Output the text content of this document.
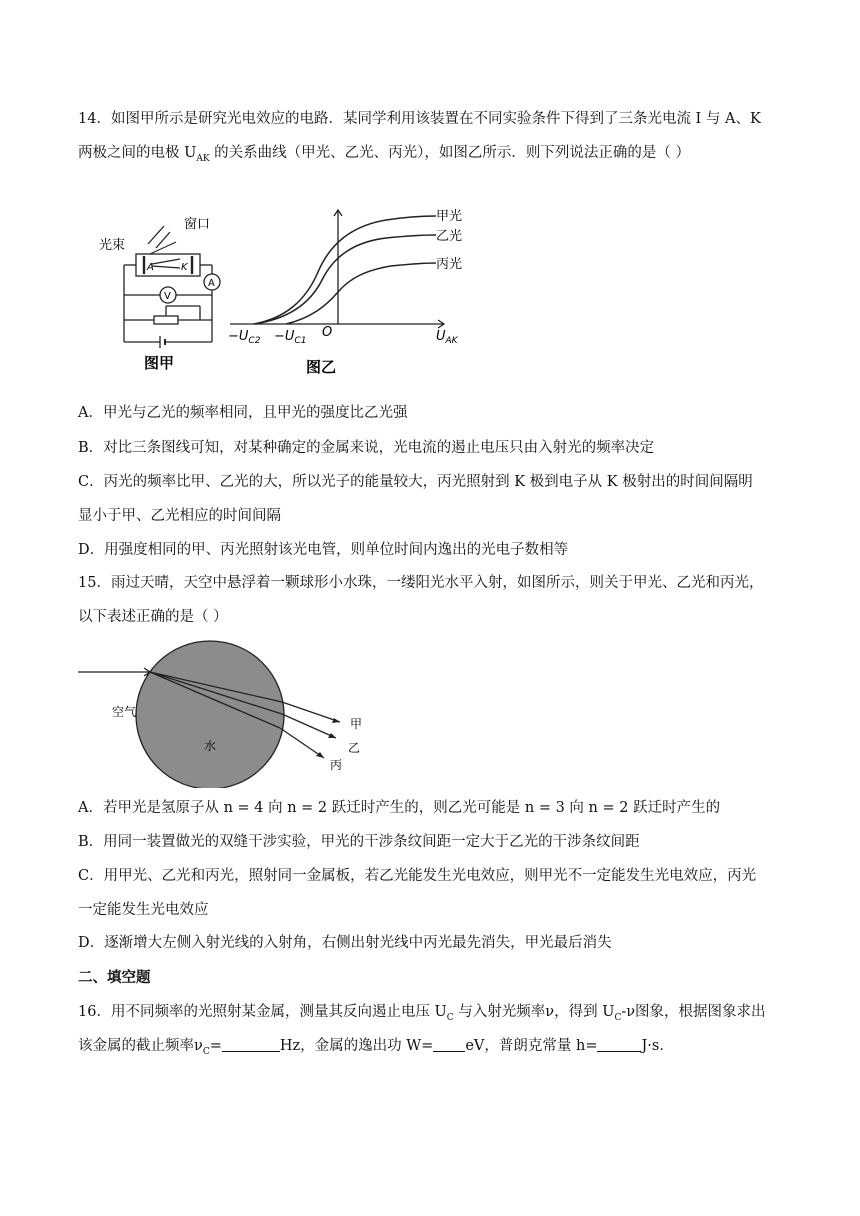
14．如图甲所示是研究光电效应的电路．某同学利用该装置在不同实验条件下得到了三条光电流 I 与 A、K
两极之间的电极 $U_{AK}$ 的关系曲线（甲光、乙光、丙光），如图乙所示．则下列说法正确的是（ ）
光束
窗口
A	K
V
A
图甲
甲光
乙光
丙光
$-U_{C2} -U_{C1}$
O	$U_{AK}$
图乙
A．甲光与乙光的频率相同，且甲光的强度比乙光强
B．对比三条图线可知，对某种确定的金属来说，光电流的遏止电压只由入射光的频率决定
C．丙光的频率比甲、乙光的大，所以光子的能量较大，丙光照射到 K 极到电子从 K 极射出的时间间隔明
显小于甲、乙光相应的时间间隔
D．用强度相同的甲、丙光照射该光电管，则单位时间内逸出的光电子数相等
15．雨过天晴，天空中悬浮着一颗球形小水珠，一缕阳光水平入射，如图所示，则关于甲光、乙光和丙光，
以下表述正确的是（ ）
空气
水
甲
乙
丙
A．若甲光是氢原子从 n = 4 向 n = 2 跃迁时产生的，则乙光可能是 n = 3 向 n = 2 跃迁时产生的
B．用同一装置做光的双缝干涉实验，甲光的干涉条纹间距一定大于乙光的干涉条纹间距
C．用甲光、乙光和丙光，照射同一金属板，若乙光能发生光电效应，则甲光不一定能发生光电效应，丙光
一定能发生光电效应
D．逐渐增大左侧入射光线的入射角，右侧出射光线中丙光最先消失，甲光最后消失
二、填空题
16．用不同频率的光照射某金属，测量其反向遏止电压 $U_C$ 与入射光频率ν，得到 $U_C-\nu$图象，根据图象求出
该金属的截止频率$\nu_C=$	Hz，金属的逸出功 W= eV，普朗克常量 h=	J·s．
